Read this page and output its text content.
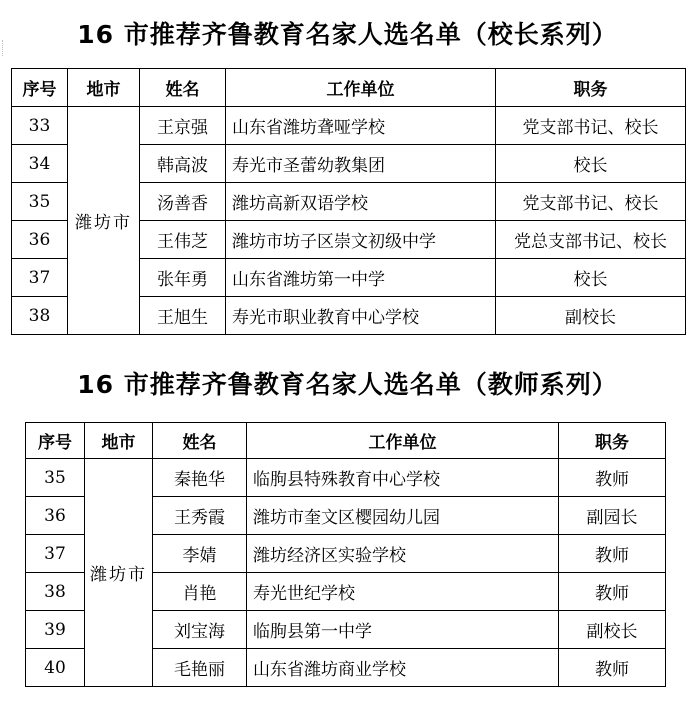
16 市推荐齐鲁教育名家人选名单（校长系列）
序号	地市	姓名	工作单位	职务
33	潍坊市	王京强	山东省潍坊聋哑学校	党支部书记、校长
34		韩高波	寿光市圣蕾幼教集团	校长
35		汤善香	潍坊高新双语学校	党支部书记、校长
36		王伟芝	潍坊市坊子区崇文初级中学	党总支部书记、校长
37		张年勇	山东省潍坊第一中学	校长
38		王旭生	寿光市职业教育中心学校	副校长
16 市推荐齐鲁教育名家人选名单（教师系列）
序号	地市	姓名	工作单位	职务
35	潍坊市	秦艳华	临朐县特殊教育中心学校	教师
36		王秀霞	潍坊市奎文区樱园幼儿园	副园长
37		李婧	潍坊经济区实验学校	教师
38		肖艳	寿光世纪学校	教师
39		刘宝海	临朐县第一中学	副校长
40		毛艳丽	山东省潍坊商业学校	教师
